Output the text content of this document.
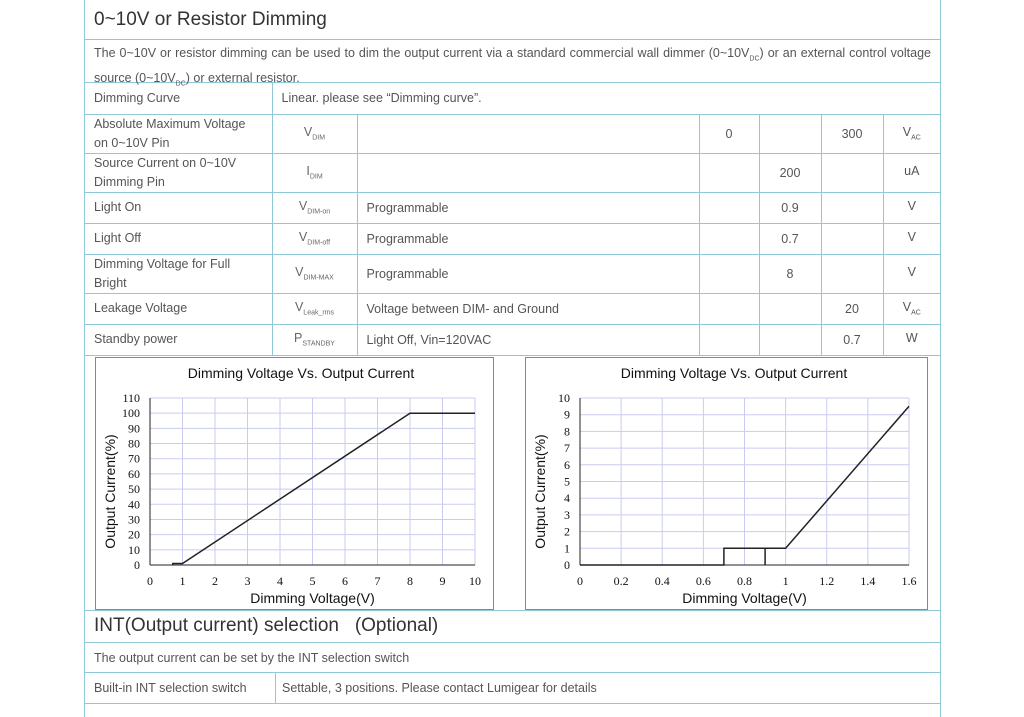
0~10V or Resistor Dimming
The 0~10V or resistor dimming can be used to dim the output current via a standard commercial wall dimmer $(0\sim 10V_{DC})$ or an external control voltage source $(0\sim 10V_{DC})$ or external resistor.
Dimming Curve	Linear. please see “Dimming curve”.					
Absolute Maximum Voltage on 0~10V Pin	$V_{DIM}$		0		300	$V_{AC}$
Source Current on 0~10V Dimming Pin	$I_{DIM}$			200		uA
Light On	$V_{DIM-on}$	Programmable		0.9		V
Light Off	$V_{DIM-off}$	Programmable		0.7		V
Dimming Voltage for Full Bright	$V_{DIM-MAX}$	Programmable		8		V
Leakage Voltage	$V_{Leak\_rms}$	Voltage between DIM- and Ground			20	$V_{AC}$
Standby power	$P_{STANDBY}$	Light Off, Vin=120VAC			0.7	W
Dimming Voltage Vs. Output Current
0
10
20
30
40
50
60
70
80
90
100
110
0 1 2 3 4 5 6 7 8 9 10
Dimming Voltage(V)
Output Current(%)
Dimming Voltage Vs. Output Current
0
1
2
3
4
5
6
7
8
9
10
0	0.2 0.4 0.6 0.8	1	1.2 1.4 1.6
Dimming Voltage(V)
Output Current(%)
INT(Output current) selection (Optional)
The output current can be set by the INT selection switch
Built-in INT selection switch	Settable, 3 positions. Please contact Lumigear for details
